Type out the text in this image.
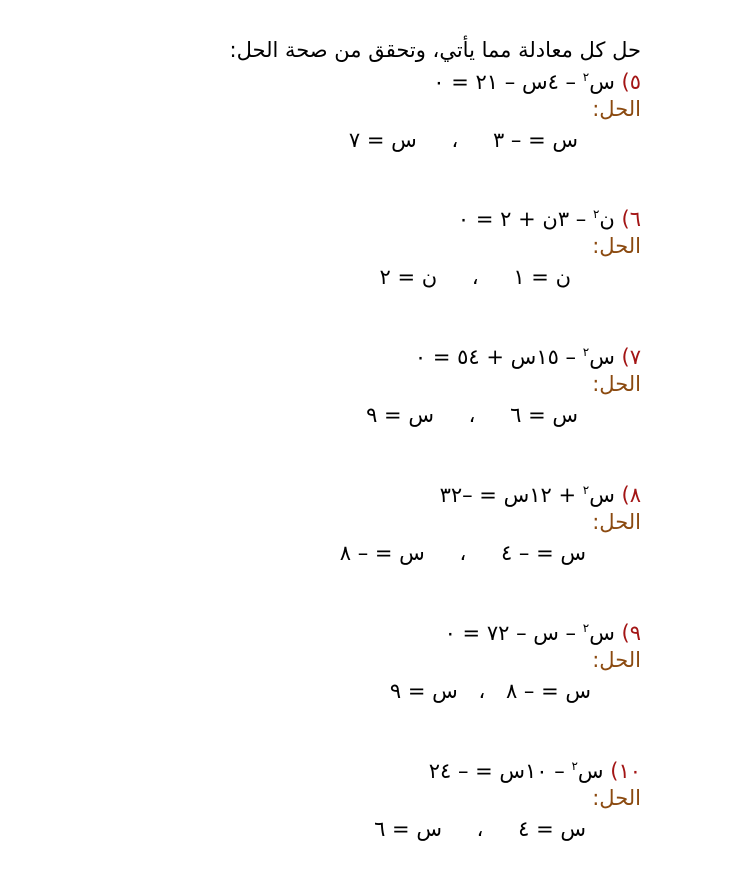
حل كل معادلة مما يأتي، وتحقق من صحة الحل:
٥) س$^٢$ – ٤س – ٢١ = ٠
الحل:
س = – ٣ ، س = ٧
٦) ن$^٢$ – ٣ن + ٢ = ٠
الحل:
ن = ١ ، ن = ٢
٧) س$^٢$ – ١٥س + ٥٤ = ٠
الحل:
س = ٦ ، س = ٩
٨) س$^٢$ + ١٢س = –٣٢
الحل:
س = – ٤ ، س = – ٨
٩) س$^٢$ – س – ٧٢ = ٠
الحل:
س = – ٨ ، س = ٩
١٠) س$^٢$ – ١٠س = – ٢٤
الحل:
س = ٤ ، س = ٦
